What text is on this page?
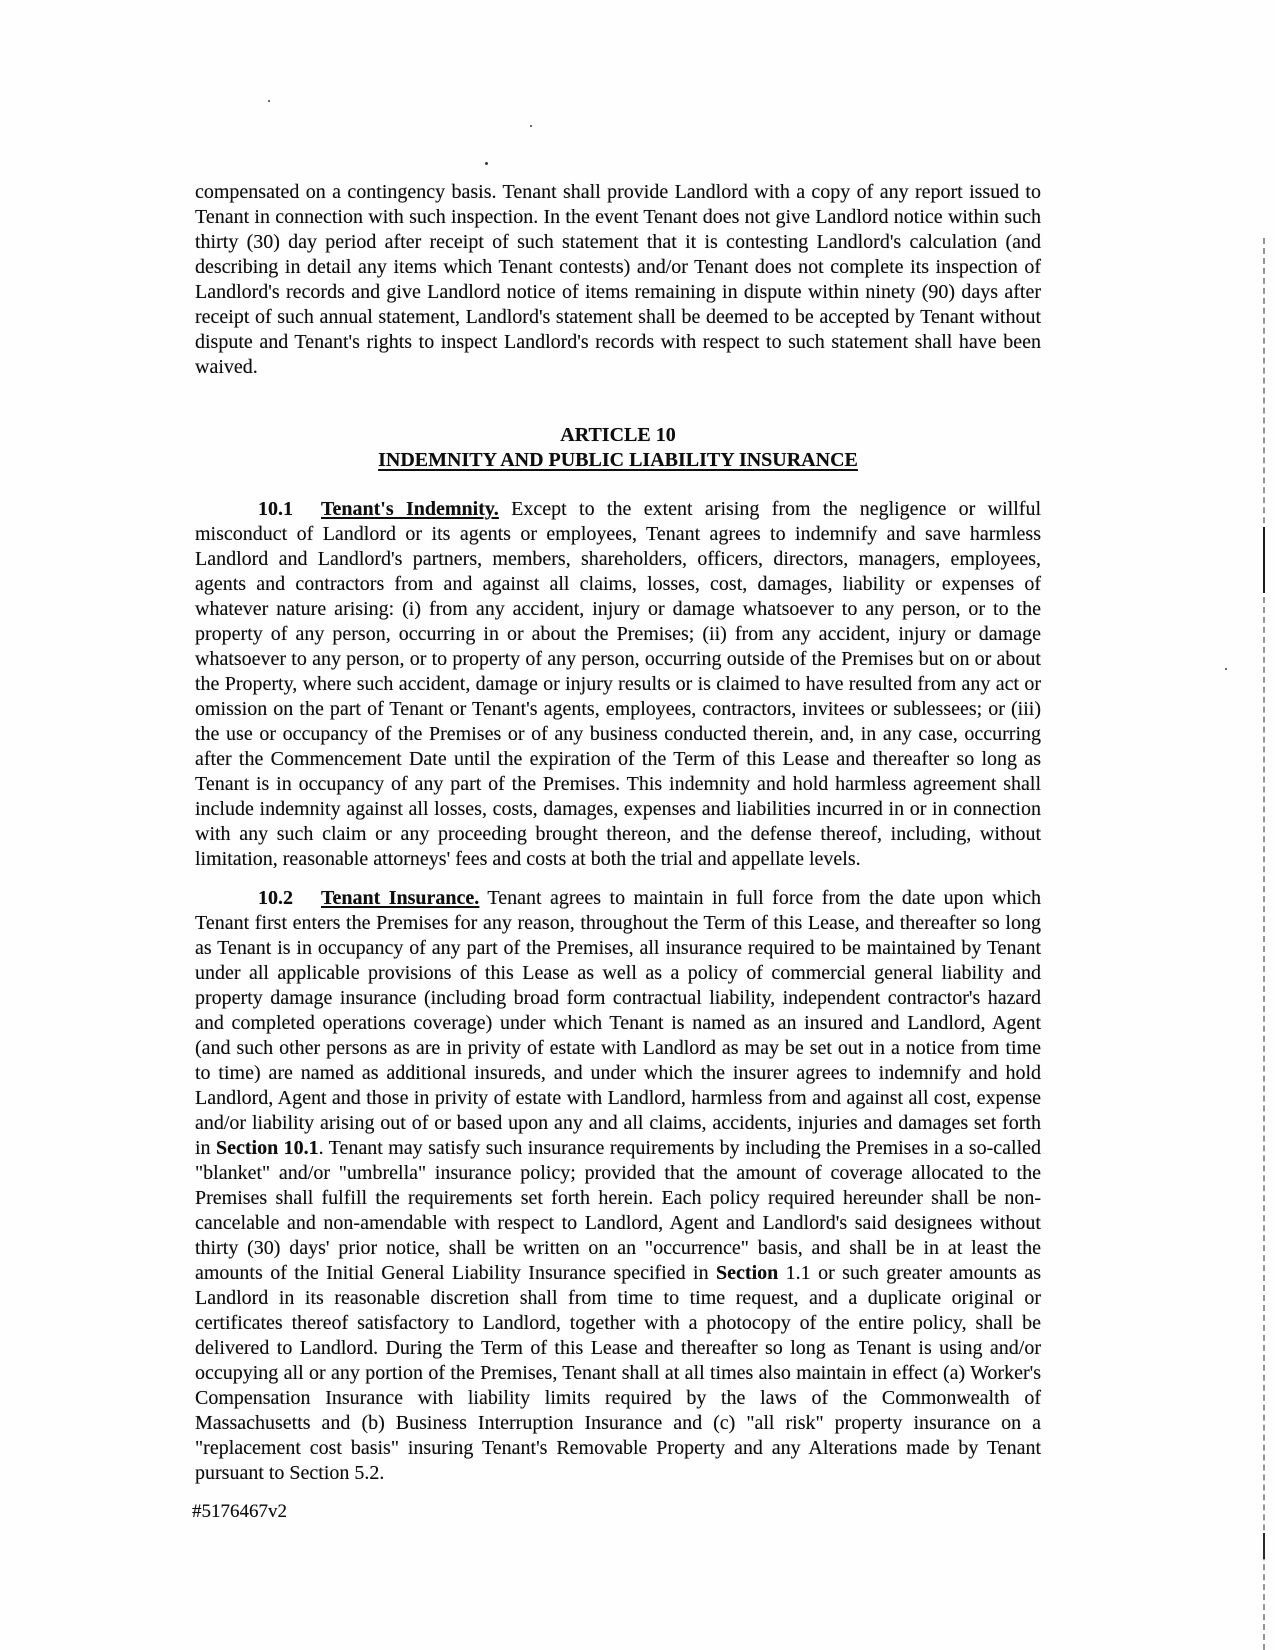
compensated on a contingency basis. Tenant shall provide Landlord with a copy of any report issued to Tenant in connection with such inspection. In the event Tenant does not give Landlord notice within such thirty (30) day period after receipt of such statement that it is contesting Landlord's calculation (and describing in detail any items which Tenant contests) and/or Tenant does not complete its inspection of Landlord's records and give Landlord notice of items remaining in dispute within ninety (90) days after receipt of such annual statement, Landlord's statement shall be deemed to be accepted by Tenant without dispute and Tenant's rights to inspect Landlord's records with respect to such statement shall have been waived.

ARTICLE 10
INDEMNITY AND PUBLIC LIABILITY INSURANCE

10.1 Tenant's Indemnity. Except to the extent arising from the negligence or willful misconduct of Landlord or its agents or employees, Tenant agrees to indemnify and save harmless Landlord and Landlord's partners, members, shareholders, officers, directors, managers, employees, agents and contractors from and against all claims, losses, cost, damages, liability or expenses of whatever nature arising: (i) from any accident, injury or damage whatsoever to any person, or to the property of any person, occurring in or about the Premises; (ii) from any accident, injury or damage whatsoever to any person, or to property of any person, occurring outside of the Premises but on or about the Property, where such accident, damage or injury results or is claimed to have resulted from any act or omission on the part of Tenant or Tenant's agents, employees, contractors, invitees or sublessees; or (iii) the use or occupancy of the Premises or of any business conducted therein, and, in any case, occurring after the Commencement Date until the expiration of the Term of this Lease and thereafter so long as Tenant is in occupancy of any part of the Premises. This indemnity and hold harmless agreement shall include indemnity against all losses, costs, damages, expenses and liabilities incurred in or in connection with any such claim or any proceeding brought thereon, and the defense thereof, including, without limitation, reasonable attorneys' fees and costs at both the trial and appellate levels.

10.2 Tenant Insurance. Tenant agrees to maintain in full force from the date upon which Tenant first enters the Premises for any reason, throughout the Term of this Lease, and thereafter so long as Tenant is in occupancy of any part of the Premises, all insurance required to be maintained by Tenant under all applicable provisions of this Lease as well as a policy of commercial general liability and property damage insurance (including broad form contractual liability, independent contractor's hazard and completed operations coverage) under which Tenant is named as an insured and Landlord, Agent (and such other persons as are in privity of estate with Landlord as may be set out in a notice from time to time) are named as additional insureds, and under which the insurer agrees to indemnify and hold Landlord, Agent and those in privity of estate with Landlord, harmless from and against all cost, expense and/or liability arising out of or based upon any and all claims, accidents, injuries and damages set forth in Section 10.1. Tenant may satisfy such insurance requirements by including the Premises in a so-called "blanket" and/or "umbrella" insurance policy; provided that the amount of coverage allocated to the Premises shall fulfill the requirements set forth herein. Each policy required hereunder shall be non-cancelable and non-amendable with respect to Landlord, Agent and Landlord's said designees without thirty (30) days' prior notice, shall be written on an "occurrence" basis, and shall be in at least the amounts of the Initial General Liability Insurance specified in Section 1.1 or such greater amounts as Landlord in its reasonable discretion shall from time to time request, and a duplicate original or certificates thereof satisfactory to Landlord, together with a photocopy of the entire policy, shall be delivered to Landlord. During the Term of this Lease and thereafter so long as Tenant is using and/or occupying all or any portion of the Premises, Tenant shall at all times also maintain in effect (a) Worker's Compensation Insurance with liability limits required by the laws of the Commonwealth of Massachusetts and (b) Business Interruption Insurance and (c) "all risk" property insurance on a "replacement cost basis" insuring Tenant's Removable Property and any Alterations made by Tenant pursuant to Section 5.2.

#5176467v2
